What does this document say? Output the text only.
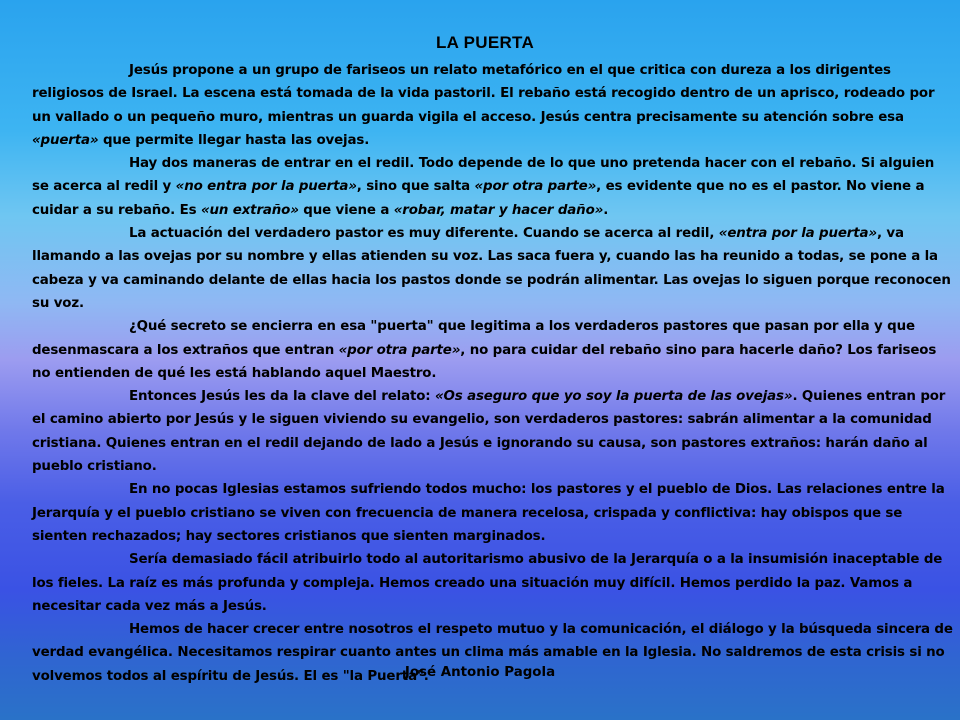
LA PUERTA

Jesús propone a un grupo de fariseos un relato metafórico en el que critica con dureza a los dirigentes religiosos de Israel. La escena está tomada de la vida pastoril. El rebaño está recogido dentro de un aprisco, rodeado por un vallado o un pequeño muro, mientras un guarda vigila el acceso. Jesús centra precisamente su atención sobre esa «puerta» que permite llegar hasta las ovejas.

Hay dos maneras de entrar en el redil. Todo depende de lo que uno pretenda hacer con el rebaño. Si alguien se acerca al redil y «no entra por la puerta», sino que salta «por otra parte», es evidente que no es el pastor. No viene a cuidar a su rebaño. Es «un extraño» que viene a «robar, matar y hacer daño».

La actuación del verdadero pastor es muy diferente. Cuando se acerca al redil, «entra por la puerta», va llamando a las ovejas por su nombre y ellas atienden su voz. Las saca fuera y, cuando las ha reunido a todas, se pone a la cabeza y va caminando delante de ellas hacia los pastos donde se podrán alimentar. Las ovejas lo siguen porque reconocen su voz.

¿Qué secreto se encierra en esa "puerta" que legitima a los verdaderos pastores que pasan por ella y que desenmascara a los extraños que entran «por otra parte», no para cuidar del rebaño sino para hacerle daño? Los fariseos no entienden de qué les está hablando aquel Maestro.

Entonces Jesús les da la clave del relato: «Os aseguro que yo soy la puerta de las ovejas». Quienes entran por el camino abierto por Jesús y le siguen viviendo su evangelio, son verdaderos pastores: sabrán alimentar a la comunidad cristiana. Quienes entran en el redil dejando de lado a Jesús e ignorando su causa, son pastores extraños: harán daño al pueblo cristiano.

En no pocas Iglesias estamos sufriendo todos mucho: los pastores y el pueblo de Dios. Las relaciones entre la Jerarquía y el pueblo cristiano se viven con frecuencia de manera recelosa, crispada y conflictiva: hay obispos que se sienten rechazados; hay sectores cristianos que sienten marginados.

Sería demasiado fácil atribuirlo todo al autoritarismo abusivo de la Jerarquía o a la insumisión inaceptable de los fieles. La raíz es más profunda y compleja. Hemos creado una situación muy difícil. Hemos perdido la paz. Vamos a necesitar cada vez más a Jesús.

Hemos de hacer crecer entre nosotros el respeto mutuo y la comunicación, el diálogo y la búsqueda sincera de verdad evangélica. Necesitamos respirar cuanto antes un clima más amable en la Iglesia. No saldremos de esta crisis si no volvemos todos al espíritu de Jesús. El es "la Puerta".

José Antonio Pagola
